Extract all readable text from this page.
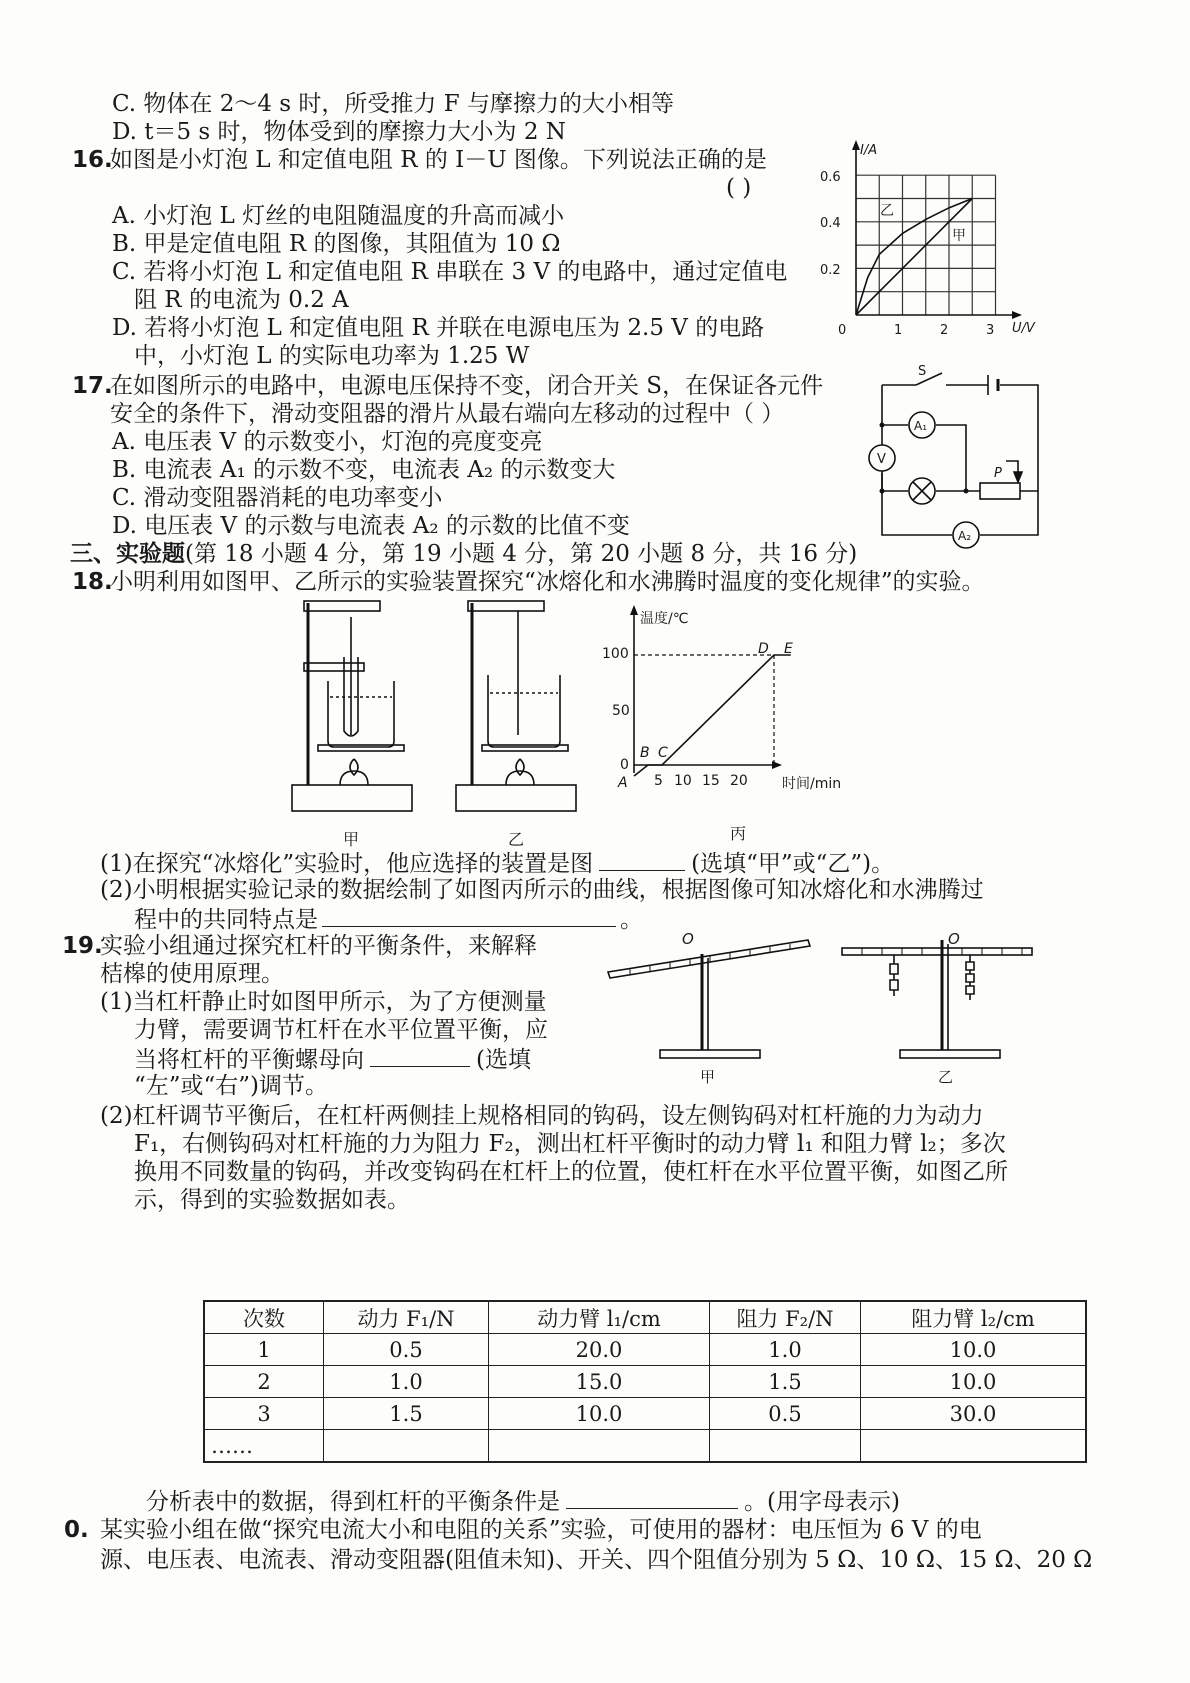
C. 物体在 2～4 s 时，所受推力 F 与摩擦力的大小相等
D. t＝5 s 时，物体受到的摩擦力大小为 2 N
16.
如图是小灯泡 L 和定值电阻 R 的 I－U 图像。下列说法正确的是
( )
A. 小灯泡 L 灯丝的电阻随温度的升高而减小
B. 甲是定值电阻 R 的图像，其阻值为 10 Ω
C. 若将小灯泡 L 和定值电阻 R 串联在 3 V 的电路中，通过定值电
阻 R 的电流为 0.2 A
D. 若将小灯泡 L 和定值电阻 R 并联在电源电压为 2.5 V 的电路
中，小灯泡 L 的实际电功率为 1.25 W
17.
在如图所示的电路中，电源电压保持不变，闭合开关 S，在保证各元件
安全的条件下，滑动变阻器的滑片从最右端向左移动的过程中（ ）
A. 电压表 V 的示数变小，灯泡的亮度变亮
B. 电流表 A₁ 的示数不变，电流表 A₂ 的示数变大
C. 滑动变阻器消耗的电功率变小
D. 电压表 V 的示数与电流表 A₂ 的示数的比值不变
三、实验题(第 18 小题 4 分，第 19 小题 4 分，第 20 小题 8 分，共 16 分)
18.
小明利用如图甲、乙所示的实验装置探究“冰熔化和水沸腾时温度的变化规律”的实验。
(1)在探究“冰熔化”实验时，他应选择的装置是图	(选填“甲”或“乙”)。
(2)小明根据实验记录的数据绘制了如图丙所示的曲线，根据图像可知冰熔化和水沸腾过
程中的共同特点是	。
19.
实验小组通过探究杠杆的平衡条件，来解释
桔槔的使用原理。
(1)当杠杆静止时如图甲所示，为了方便测量
力臂，需要调节杠杆在水平位置平衡，应
当将杠杆的平衡螺母向	(选填
“左”或“右”)调节。
(2)杠杆调节平衡后，在杠杆两侧挂上规格相同的钩码，设左侧钩码对杠杆施的力为动力
F₁，右侧钩码对杠杆施的力为阻力 F₂，测出杠杆平衡时的动力臂 l₁ 和阻力臂 l₂；多次
换用不同数量的钩码，并改变钩码在杠杆上的位置，使杠杆在水平位置平衡，如图乙所
示，得到的实验数据如表。
次数	动力 F₁/N	动力臂 l₁/cm	阻力 F₂/N	阻力臂 l₂/cm
1	0.5	20.0	1.0	10.0
2	1.0	15.0	1.5	10.0
3	1.5	10.0	0.5	30.0
……				
分析表中的数据，得到杠杆的平衡条件是	。(用字母表示)
0. 某实验小组在做“探究电流大小和电阻的关系”实验，可使用的器材：电压恒为 6 V 的电
源、电压表、电流表、滑动变阻器(阻值未知)、开关、四个阻值分别为 5 Ω、10 Ω、15 Ω、20 Ω
I/A
U/V
0.6
0.4
0.2
0	1	2	3
乙
甲
S
A₁
V
P
A₂
甲	乙
温度/℃
时间/min
100
50
0
5 10 15 20
A
B C
D E
丙
O
甲
O
乙
